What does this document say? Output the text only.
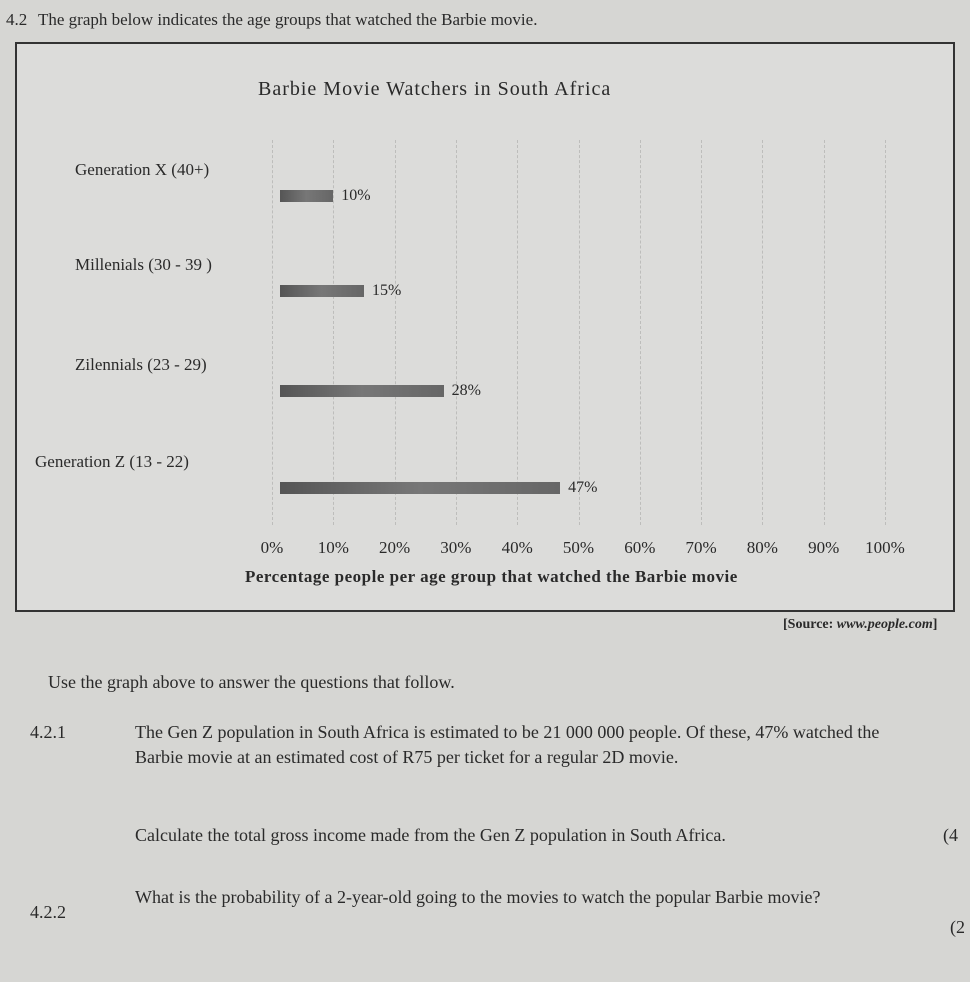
4.2 The graph below indicates the age groups that watched the Barbie movie.
Barbie Movie Watchers in South Africa
0% 10% 20% 30% 40% 50% 60% 70% 80% 90% 100%
Generation X (40+)
10%
Millenials (30 - 39 )
15%
Zilennials (23 - 29)
28%
Generation Z (13 - 22)
47%
Percentage people per age group that watched the Barbie movie
[Source: www.people.com]
Use the graph above to answer the questions that follow.
4.2.1	The Gen Z population in South Africa is estimated to be 21 000 000 people. Of these, 47% watched the Barbie movie at an estimated cost of R75 per ticket for a regular 2D movie.
Calculate the total gross income made from the Gen Z population in South Africa.	(4
4.2.2
What is the probability of a 2-year-old going to the movies to watch the popular Barbie movie?
(2
